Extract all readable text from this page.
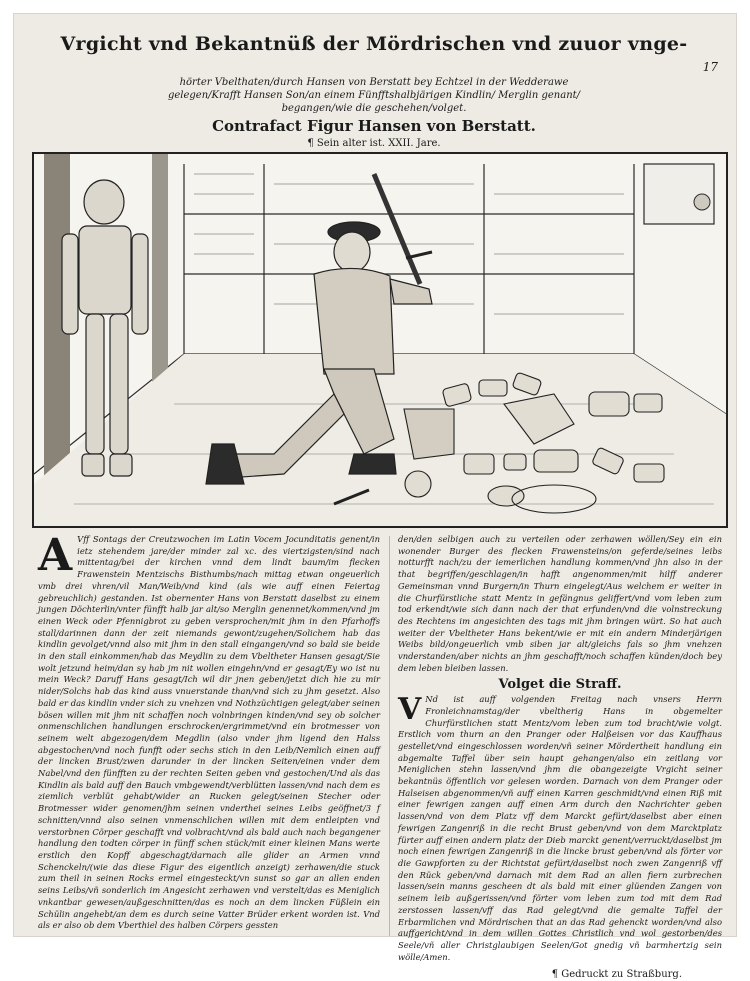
17
Vrgicht vnd Bekantnüß der Mördrischen vnd zuuor vnge-
hörter Vbelthaten/durch Hansen von Berstatt bey Echtzel in der Wedderawe
gelegen/Krafft Hansen Son/an einem Fünfftshalbjärigen Kindlin/ Merglin genant/
begangen/wie die geschehen/volget.
Contrafact Figur Hansen von Berstatt.
¶ Sein alter ist. XXII. Jare.

A Vff Sontags der Creutzwochen im Latin Vocem Jocunditatis genent/in ietz stehendem jare/der minder zal xc. des viertzigsten/sind nach mittentag/bei der kirchen vnnd dem lindt baum/im flecken Frawenstein Mentzischs Bisthumbs/nach mittag etwan ongeuerlich vmb drei vhren/vil Man/Weib/vnd kind (als wie auff einen Feiertag gebreuchlich) gestanden. Ist obernenter Hans von Berstatt daselbst zu einem jungen Döchterlin/vnter fünfft halb jar alt/so Merglin genennet/kommen/vnd jm einen Weck oder Pfennigbrot zu geben versprochen/mit jhm in den Pfarhoffs stall/darinnen dann der zeit niemands gewont/zugehen/Solichem hab das kindlin gevolget/vnnd also mit jhm in den stall eingangen/vnd so bald sie beide in den stall einkommen/hab das Meydlin zu dem Vbeltheter Hansen gesagt/Sie wolt jetzund heim/dan sy hab jm nit wollen eingehn/vnd er gesagt/Ey wo ist nu mein Weck? Daruff Hans gesagt/Ich wil dir jnen geben/jetzt dich hie zu mir nider/Solchs hab das kind auss vnuerstande than/vnd sich zu jhm gesetzt. Also bald er das kindlin vnder sich zu vnehzen vnd Nothzüchtigen gelegt/aber seinen bösen willen mit jhm nit schaffen noch volnbringen kinden/vnd sey ob solcher onmenschlichen handlungen erschrocken/ergrimmet/vnd ein brotmesser von seinem welt abgezogen/dem Megdlin (also vnder jhm ligend den Halss abgestochen/vnd noch funfft oder sechs stich in den Leib/Nemlich einen auff der lincken Brust/zwen darunder in der lincken Seiten/einen vnder dem Nabel/vnd den fünfften zu der rechten Seiten geben vnd gestochen/Und als das Kindlin als bald auff den Bauch vmbgewendt/verblütten lassen/vnd nach dem es ziemlich verblüt gehabt/wider an Rucken gelegt/seinen Stecher oder Brotmesser wider genomen/jhm seinen vnderthei seines Leibs geöffnet/3 f schnitten/vnnd also seinen vnmenschlichen willen mit dem entleipten vnd verstorbnen Cörper geschafft vnd volbracht/vnd als bald auch nach begangener handlung den todten cörper in fünff schen stück/mit einer kleinen Mans werte erstlich den Kopff abgeschagt/darnach alle glider an Armen vnnd Schenckeln/(wie das diese Figur des eigentlich anzeigt) zerhawen/die stuck zum theil in seinen Rocks ermel eingesteckt/vn sunst so gar an allen enden seins Leibs/vñ sonderlich im Angesicht zerhawen vnd verstelt/das es Meniglich vnkantbar gewesen/außgeschnitten/das es noch an dem lincken Füßlein ein Schülin angehebt/an dem es durch seine Vatter Brüder erkent worden ist. Vnd als er also ob dem Vberthiel des halben Cörpers gessten

den/den selbigen auch zu verteilen oder zerhawen wöllen/Sey ein ein wonender Burger des flecken Frawensteins/on geferde/seines leibs notturfft nach/zu der iemerlichen handlung kommen/vnd jhn also in der that begriffen/geschlagen/in hafft angenommen/mit hilff anderer Gemeinsman vnnd Burgern/in Thurn eingelegt/Aus welchem er weiter in die Churfürstliche statt Mentz in gefängnus geliffert/vnd vom leben zum tod erkendt/wie sich dann nach der that erfunden/vnd die volnstreckung des Rechtens im angesichten des tags mit jhm bringen würt. So hat auch weiter der Vbeltheter Hans bekent/wie er mit ein andern Minderjärigen Weibs bild/ongeuerlich vmb siben jar alt/gleichs fals so jhm vnehzen vnderstanden/aber nichts an jhm geschafft/noch schaffen künden/doch bey dem leben bleiben lassen.

Volget die Straff.

V Nd ist auff volgenden Freitag nach vnsers Herrn Fronleichnamstag/der vbeltherig Hans in obgemelter Churfürstlichen statt Mentz/vom leben zum tod bracht/wie volgt. Erstlich vom thurn an den Pranger oder Halßeisen vor das Kauffhaus gestellet/vnd eingeschlossen worden/vñ seiner Mördertheit handlung ein abgemalte Taffel über sein haupt gehangen/also ein zeitlang vor Meniglichen stehn lassen/vnd jhm die obangezeigte Vrgicht seiner bekantnüs öffentlich vor gelesen worden. Darnach von dem Pranger oder Halseisen abgenommen/vñ auff einen Karren geschmidt/vnd einen Riß mit einer fewrigen zangen auff einen Arm durch den Nachrichter geben lassen/vnd von dem Platz vff dem Marckt gefürt/daselbst aber einen fewrigen Zangenriß in die recht Brust geben/vnd von dem Marcktplatz fürter auff einen andern platz der Dieb marckt genent/verruckt/daselbst jm noch einen fewrigen Zangenriß in die lincke brust geben/vnd als förter vor die Gawpforten zu der Richtstat gefürt/daselbst noch zwen Zangenriß vff den Rück geben/vnd darnach mit dem Rad an allen fiern zurbrechen lassen/sein manns gescheen dt als bald mit einer glüenden Zangen von seinem leib außgerissen/vnd förter vom leben zum tod mit dem Rad zerstossen lassen/vff das Rad gelegt/vnd die gemalte Taffel der Erbarmlichen vnd Mördrischen that an das Rad gehenckt worden/vnd also auffgericht/vnd in dem willen Gottes Christlich vnd wol gestorben/des Seele/vñ aller Christglaubigen Seelen/Got gnedig vñ barmhertzig sein wölle/Amen.

¶ Gedruckt zu Straßburg.
